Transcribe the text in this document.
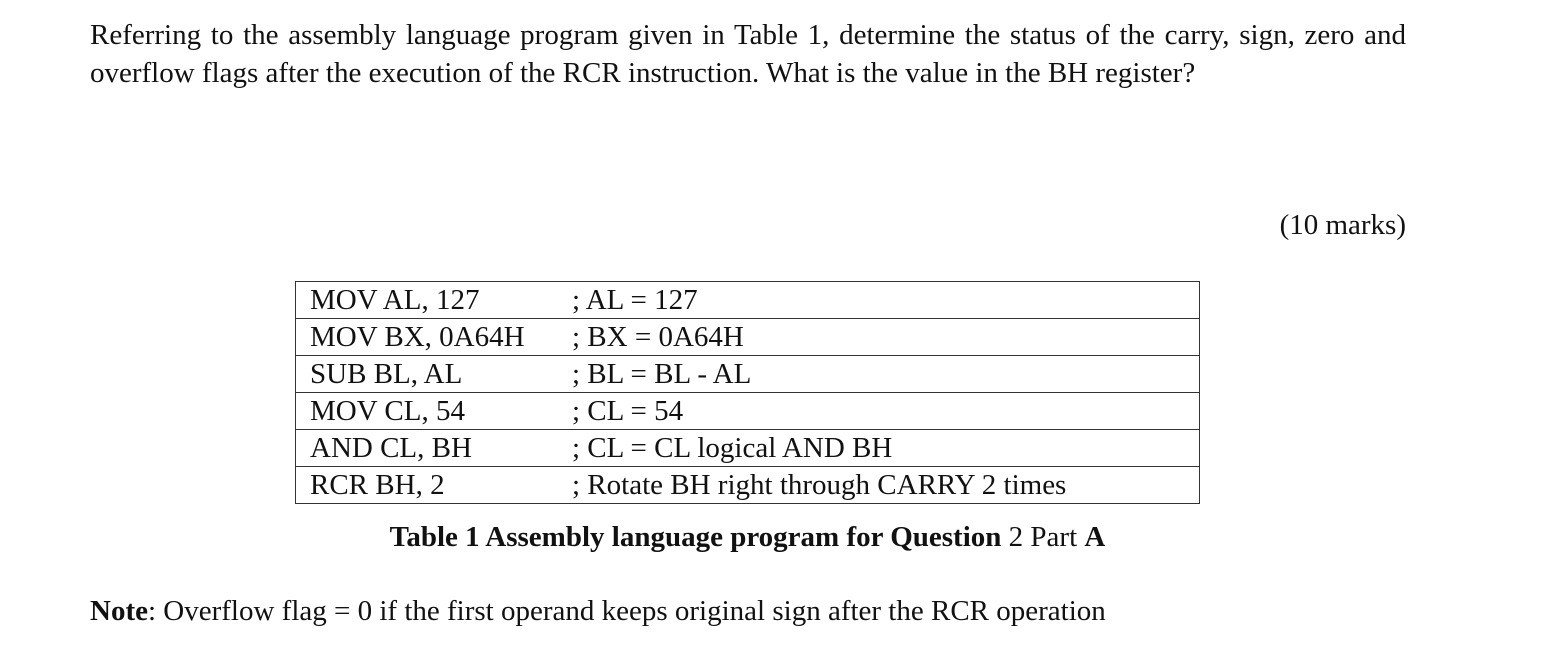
Referring to the assembly language program given in Table 1, determine the status of the carry, sign, zero and overflow flags after the execution of the RCR instruction. What is the value in the BH register?

(10 marks)
MOV AL, 127	; AL = 127
MOV BX, 0A64H	; BX = 0A64H
SUB BL, AL	; BL = BL - AL
MOV CL, 54	; CL = 54
AND CL, BH	; CL = CL logical AND BH
RCR BH, 2	; Rotate BH right through CARRY 2 times
Table 1 Assembly language program for Question 2 Part A
Note: Overflow flag = 0 if the first operand keeps original sign after the RCR operation
